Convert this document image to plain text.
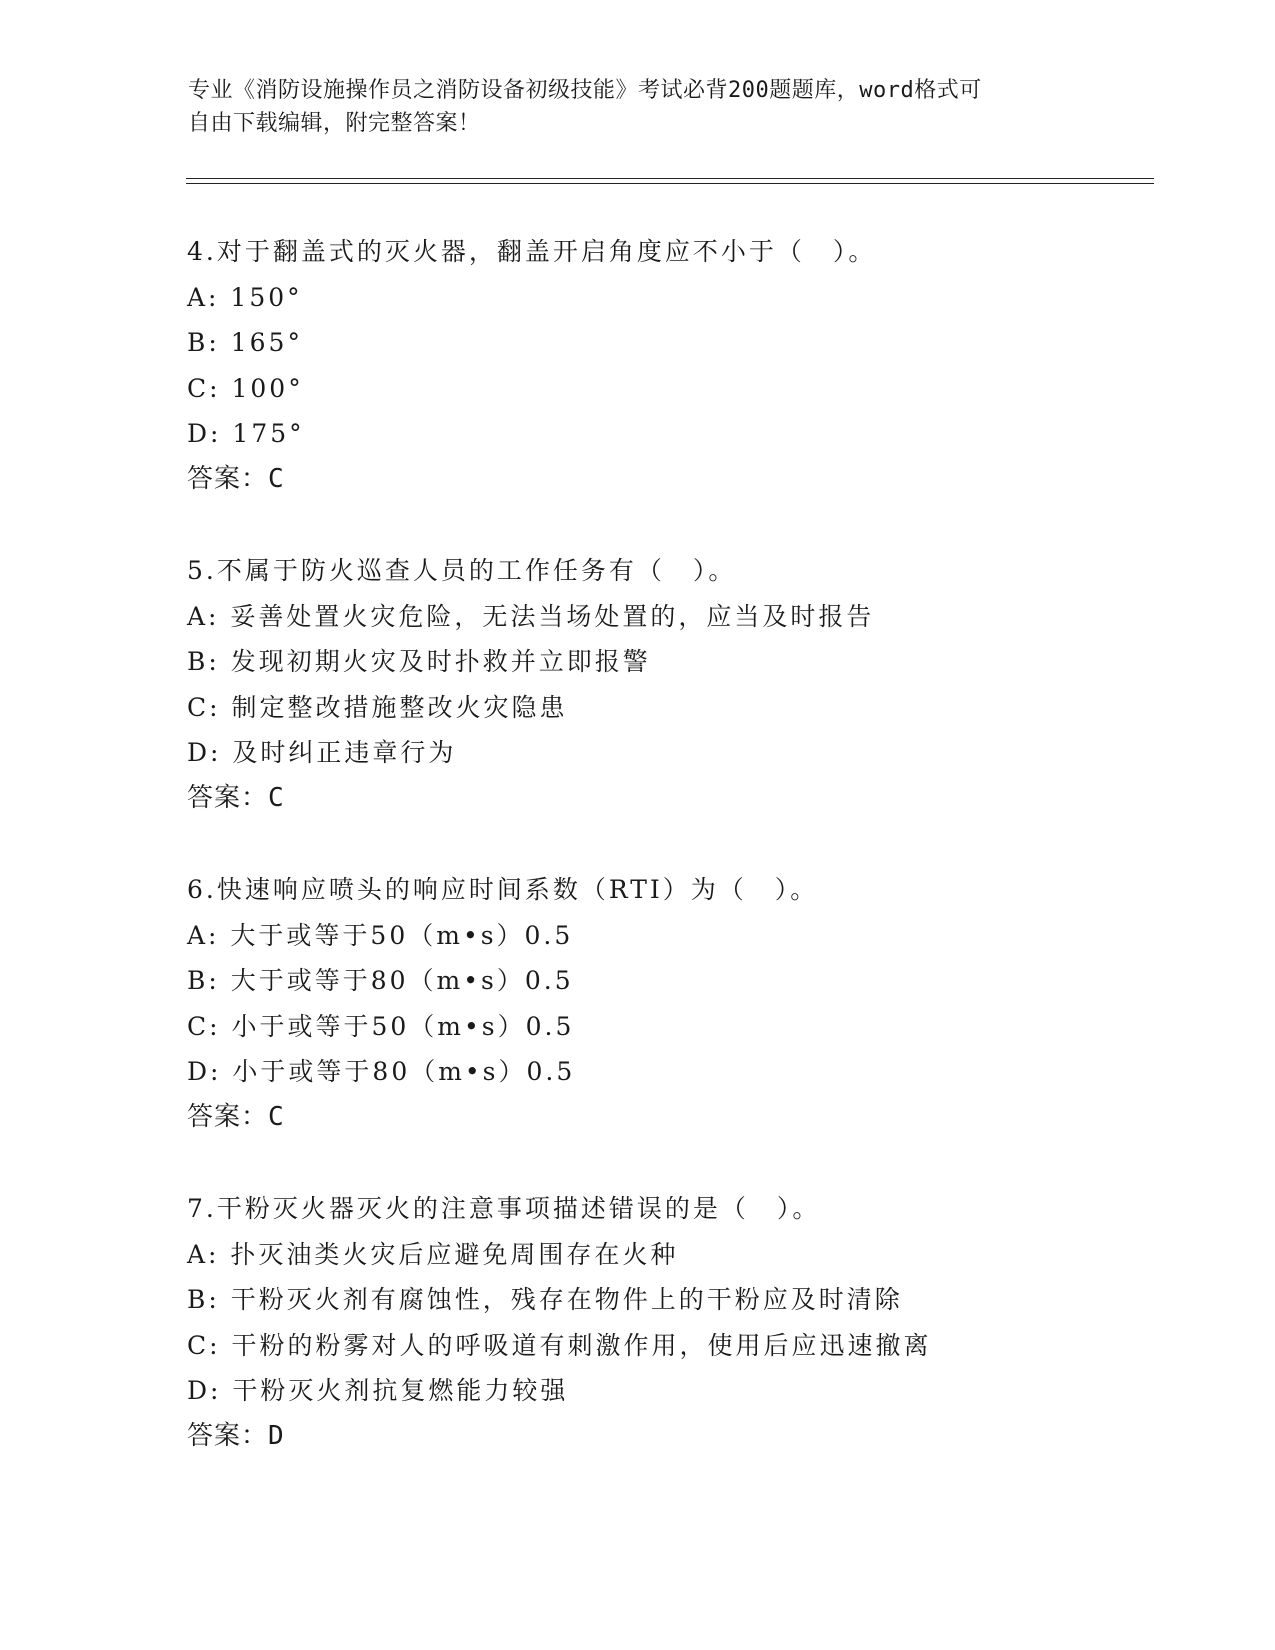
专业《消防设施操作员之消防设备初级技能》考试必背200题题库，word格式可
自由下载编辑，附完整答案！
4.对于翻盖式的灭火器，翻盖开启角度应不小于（　）。
A: 150°
B: 165°
C: 100°
D: 175°
答案：C
5.不属于防火巡查人员的工作任务有（　）。
A: 妥善处置火灾危险，无法当场处置的，应当及时报告
B: 发现初期火灾及时扑救并立即报警
C: 制定整改措施整改火灾隐患
D: 及时纠正违章行为
答案：C
6.快速响应喷头的响应时间系数（RTI）为（　）。
A: 大于或等于50（m•s）0.5
B: 大于或等于80（m•s）0.5
C: 小于或等于50（m•s）0.5
D: 小于或等于80（m•s）0.5
答案：C
7.干粉灭火器灭火的注意事项描述错误的是（　）。
A: 扑灭油类火灾后应避免周围存在火种
B: 干粉灭火剂有腐蚀性，残存在物件上的干粉应及时清除
C: 干粉的粉雾对人的呼吸道有刺激作用，使用后应迅速撤离
D: 干粉灭火剂抗复燃能力较强
答案：D
